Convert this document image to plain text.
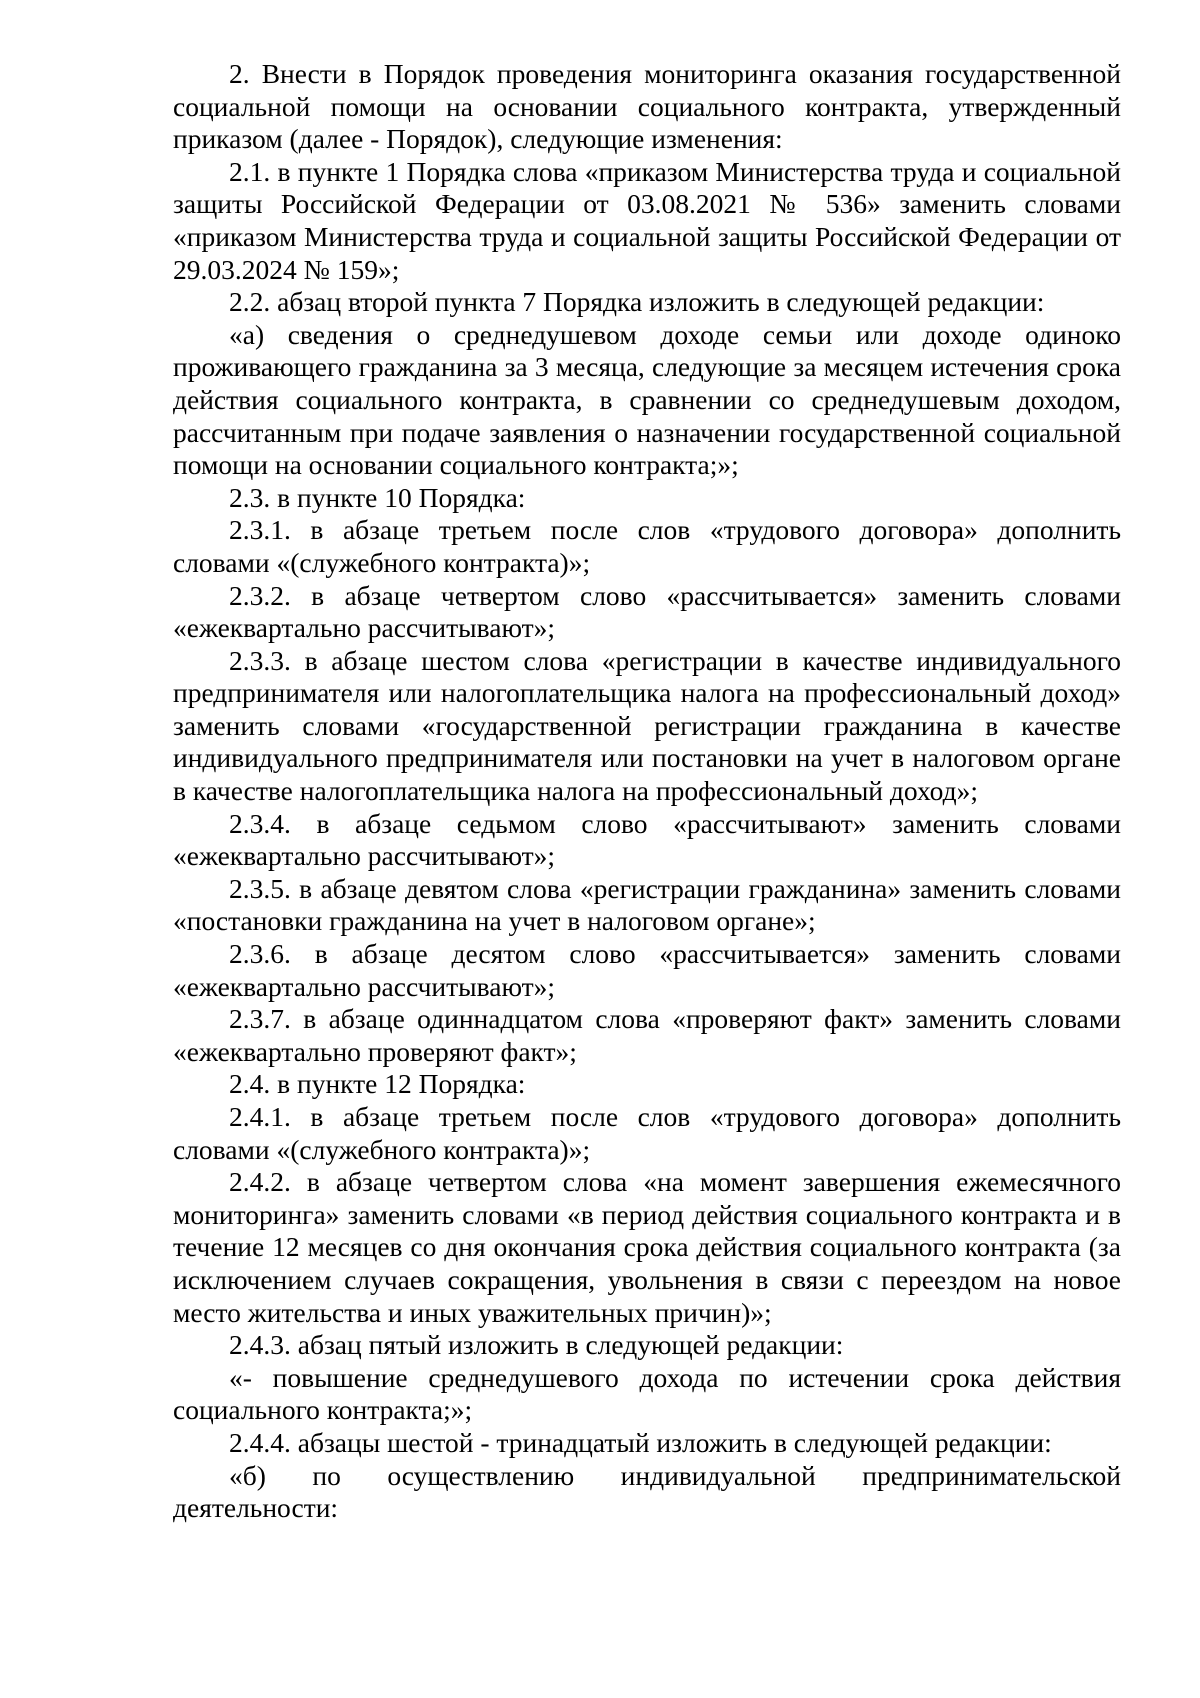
2. Внести в Порядок проведения мониторинга оказания государственной социальной помощи на основании социального контракта, утвержденный приказом (далее - Порядок), следующие изменения:

2.1. в пункте 1 Порядка слова «приказом Министерства труда и социальной защиты Российской Федерации от 03.08.2021 № 536» заменить словами «приказом Министерства труда и социальной защиты Российской Федерации от 29.03.2024 № 159»;

2.2. абзац второй пункта 7 Порядка изложить в следующей редакции:

«а) сведения о среднедушевом доходе семьи или доходе одиноко проживающего гражданина за 3 месяца, следующие за месяцем истечения срока действия социального контракта, в сравнении со среднедушевым доходом, рассчитанным при подаче заявления о назначении государственной социальной помощи на основании социального контракта;»;

2.3. в пункте 10 Порядка:

2.3.1. в абзаце третьем после слов «трудового договора» дополнить словами «(служебного контракта)»;

2.3.2. в абзаце четвертом слово «рассчитывается» заменить словами «ежеквартально рассчитывают»;

2.3.3. в абзаце шестом слова «регистрации в качестве индивидуального предпринимателя или налогоплательщика налога на профессиональный доход» заменить словами «государственной регистрации гражданина в качестве индивидуального предпринимателя или постановки на учет в налоговом органе в качестве налогоплательщика налога на профессиональный доход»;

2.3.4. в абзаце седьмом слово «рассчитывают» заменить словами «ежеквартально рассчитывают»;

2.3.5. в абзаце девятом слова «регистрации гражданина» заменить словами «постановки гражданина на учет в налоговом органе»;

2.3.6. в абзаце десятом слово «рассчитывается» заменить словами «ежеквартально рассчитывают»;

2.3.7. в абзаце одиннадцатом слова «проверяют факт» заменить словами «ежеквартально проверяют факт»;

2.4. в пункте 12 Порядка:

2.4.1. в абзаце третьем после слов «трудового договора» дополнить словами «(служебного контракта)»;

2.4.2. в абзаце четвертом слова «на момент завершения ежемесячного мониторинга» заменить словами «в период действия социального контракта и в течение 12 месяцев со дня окончания срока действия социального контракта (за исключением случаев сокращения, увольнения в связи с переездом на новое место жительства и иных уважительных причин)»;

2.4.3. абзац пятый изложить в следующей редакции:

«- повышение среднедушевого дохода по истечении срока действия социального контракта;»;

2.4.4. абзацы шестой - тринадцатый изложить в следующей редакции:

«б) по осуществлению индивидуальной предпринимательской деятельности:
